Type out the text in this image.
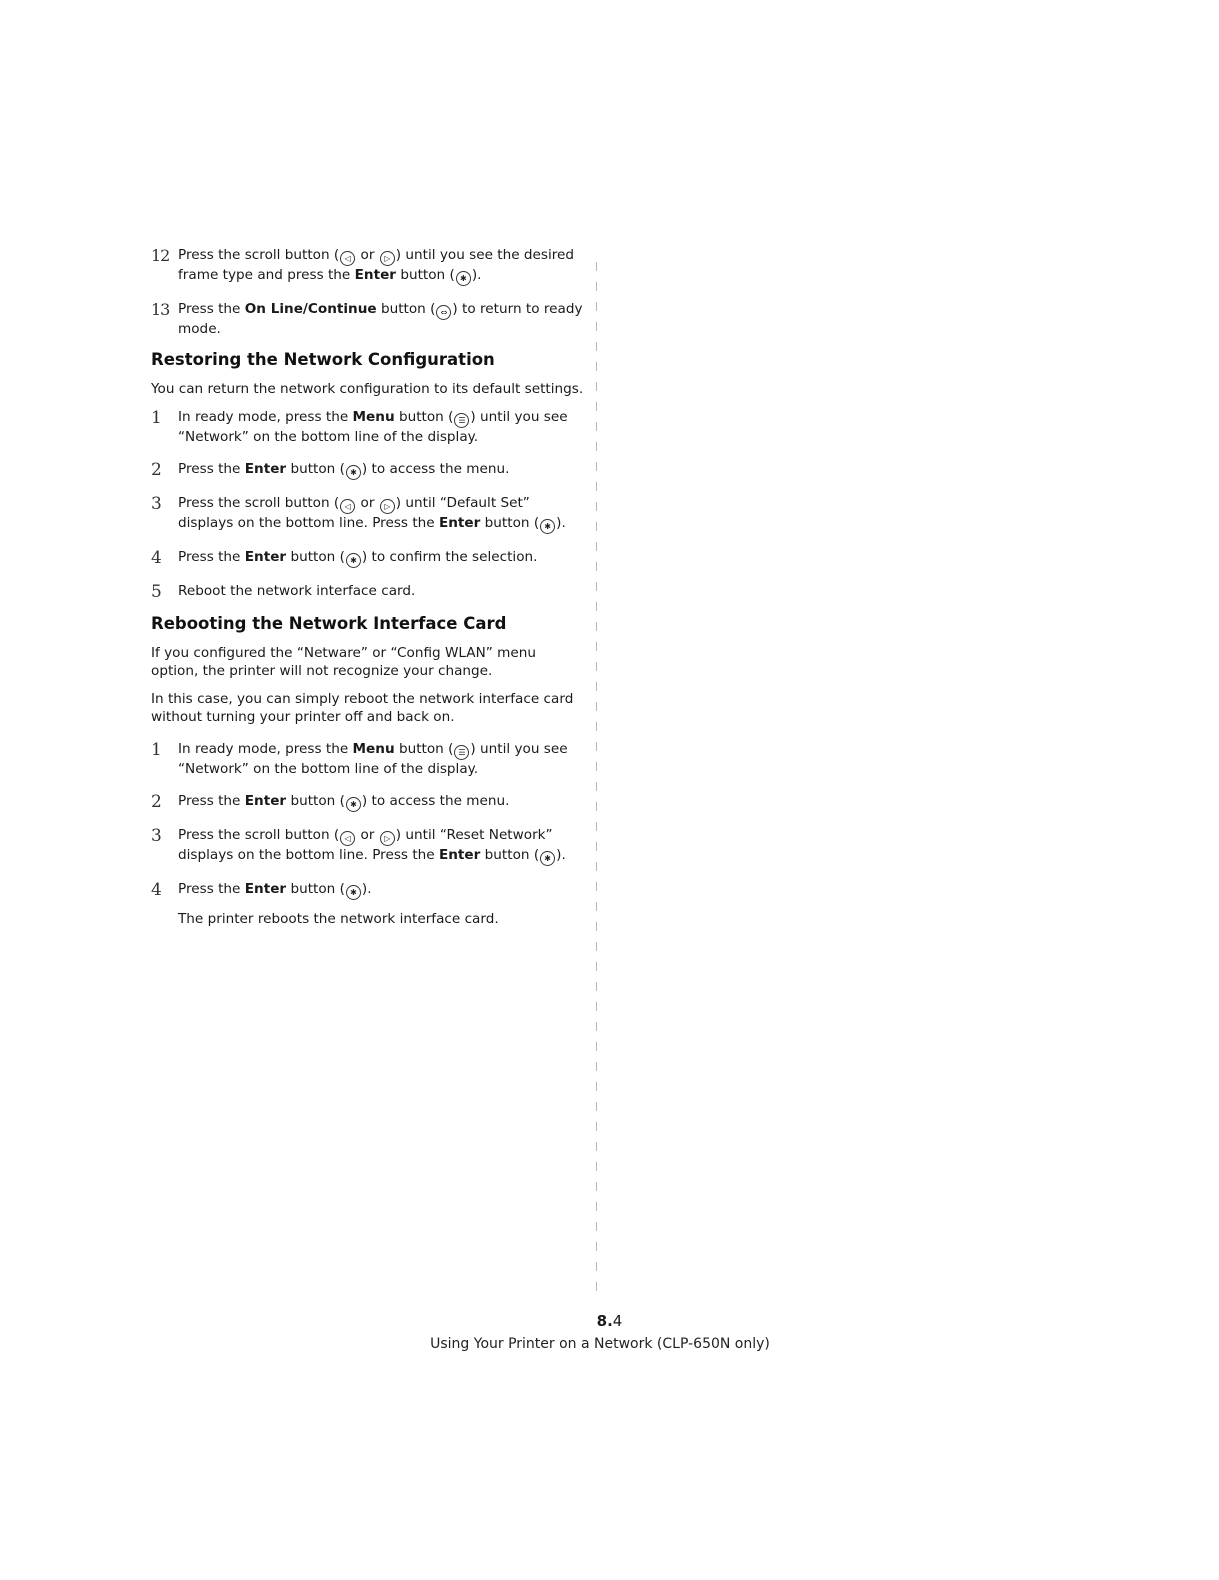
12 Press the scroll button ( ◁ or ▷ ) until you see the desired frame type and press the Enter button ( ✱ ).
13 Press the On Line/Continue button ( ⇔ ) to return to ready mode.
Restoring the Network Configuration

You can return the network configuration to its default settings.

1	In ready mode, press the Menu button ( ☰ ) until you see “Network” on the bottom line of the display.
2	Press the Enter button ( ✱ ) to access the menu.
3	Press the scroll button ( ◁ or ▷ ) until “Default Set” displays on the bottom line. Press the Enter button ( ✱ ).
4	Press the Enter button ( ✱ ) to confirm the selection.
5	Reboot the network interface card.
Rebooting the Network Interface Card

If you configured the “Netware” or “Config WLAN” menu option, the printer will not recognize your change.

In this case, you can simply reboot the network interface card without turning your printer off and back on.

1	In ready mode, press the Menu button ( ☰ ) until you see “Network” on the bottom line of the display.
2	Press the Enter button ( ✱ ) to access the menu.
3	Press the scroll button ( ◁ or ▷ ) until “Reset Network” displays on the bottom line. Press the Enter button ( ✱ ).
4	Press the Enter button ( ✱ ).

The printer reboots the network interface card.

8.4
Using Your Printer on a Network (CLP-650N only)
